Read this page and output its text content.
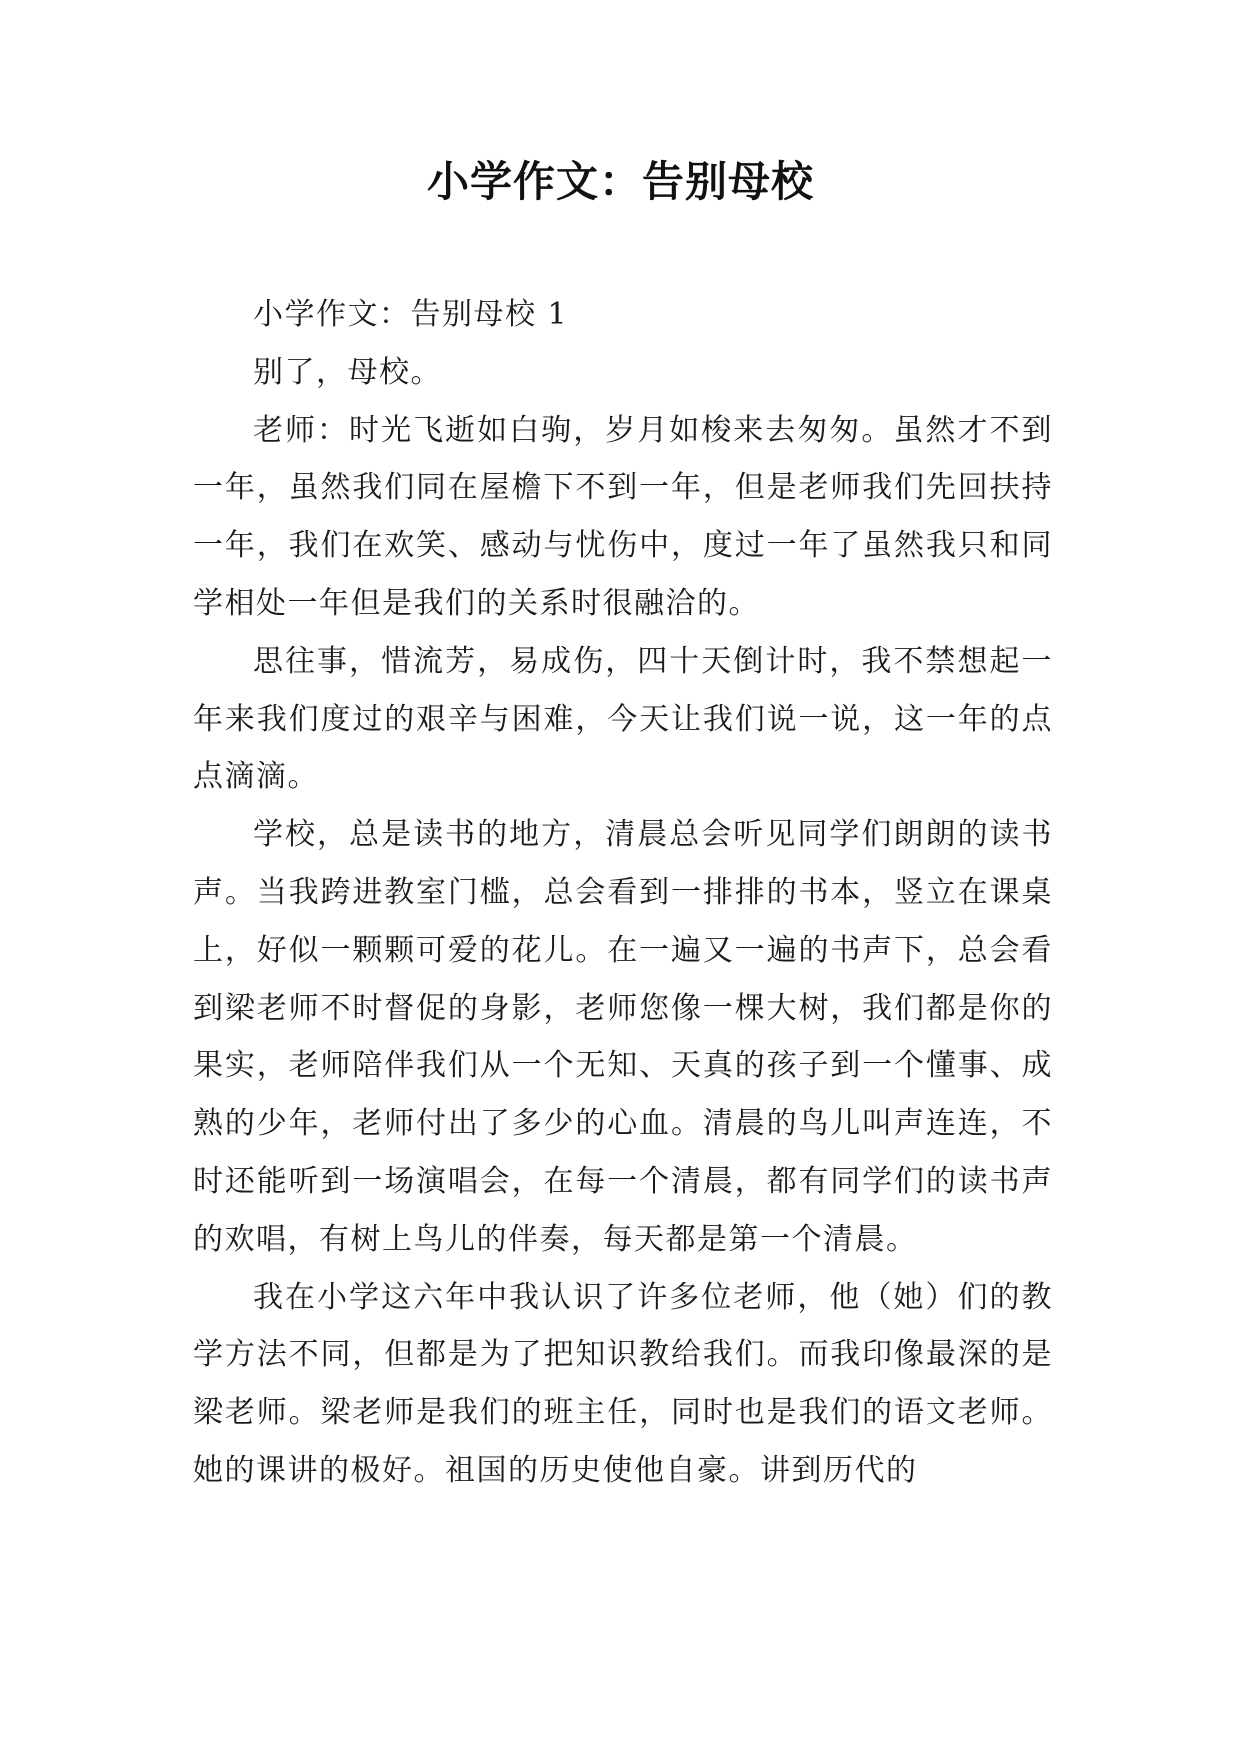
小学作文：告别母校

小学作文：告别母校 1

别了，母校。

老师：时光飞逝如白驹，岁月如梭来去匆匆。虽然才不到一年，虽然我们同在屋檐下不到一年，但是老师我们先回扶持一年，我们在欢笑、感动与忧伤中，度过一年了虽然我只和同学相处一年但是我们的关系时很融洽的。

思往事，惜流芳，易成伤，四十天倒计时，我不禁想起一年来我们度过的艰辛与困难，今天让我们说一说，这一年的点点滴滴。

学校，总是读书的地方，清晨总会听见同学们朗朗的读书声。当我跨进教室门槛，总会看到一排排的书本，竖立在课桌上，好似一颗颗可爱的花儿。在一遍又一遍的书声下，总会看到梁老师不时督促的身影，老师您像一棵大树，我们都是你的果实，老师陪伴我们从一个无知、天真的孩子到一个懂事、成熟的少年，老师付出了多少的心血。清晨的鸟儿叫声连连，不时还能听到一场演唱会，在每一个清晨，都有同学们的读书声的欢唱，有树上鸟儿的伴奏，每天都是第一个清晨。

我在小学这六年中我认识了许多位老师，他（她）们的教学方法不同，但都是为了把知识教给我们。而我印像最深的是梁老师。梁老师是我们的班主任，同时也是我们的语文老师。她的课讲的极好。祖国的历史使他自豪。讲到历代的
